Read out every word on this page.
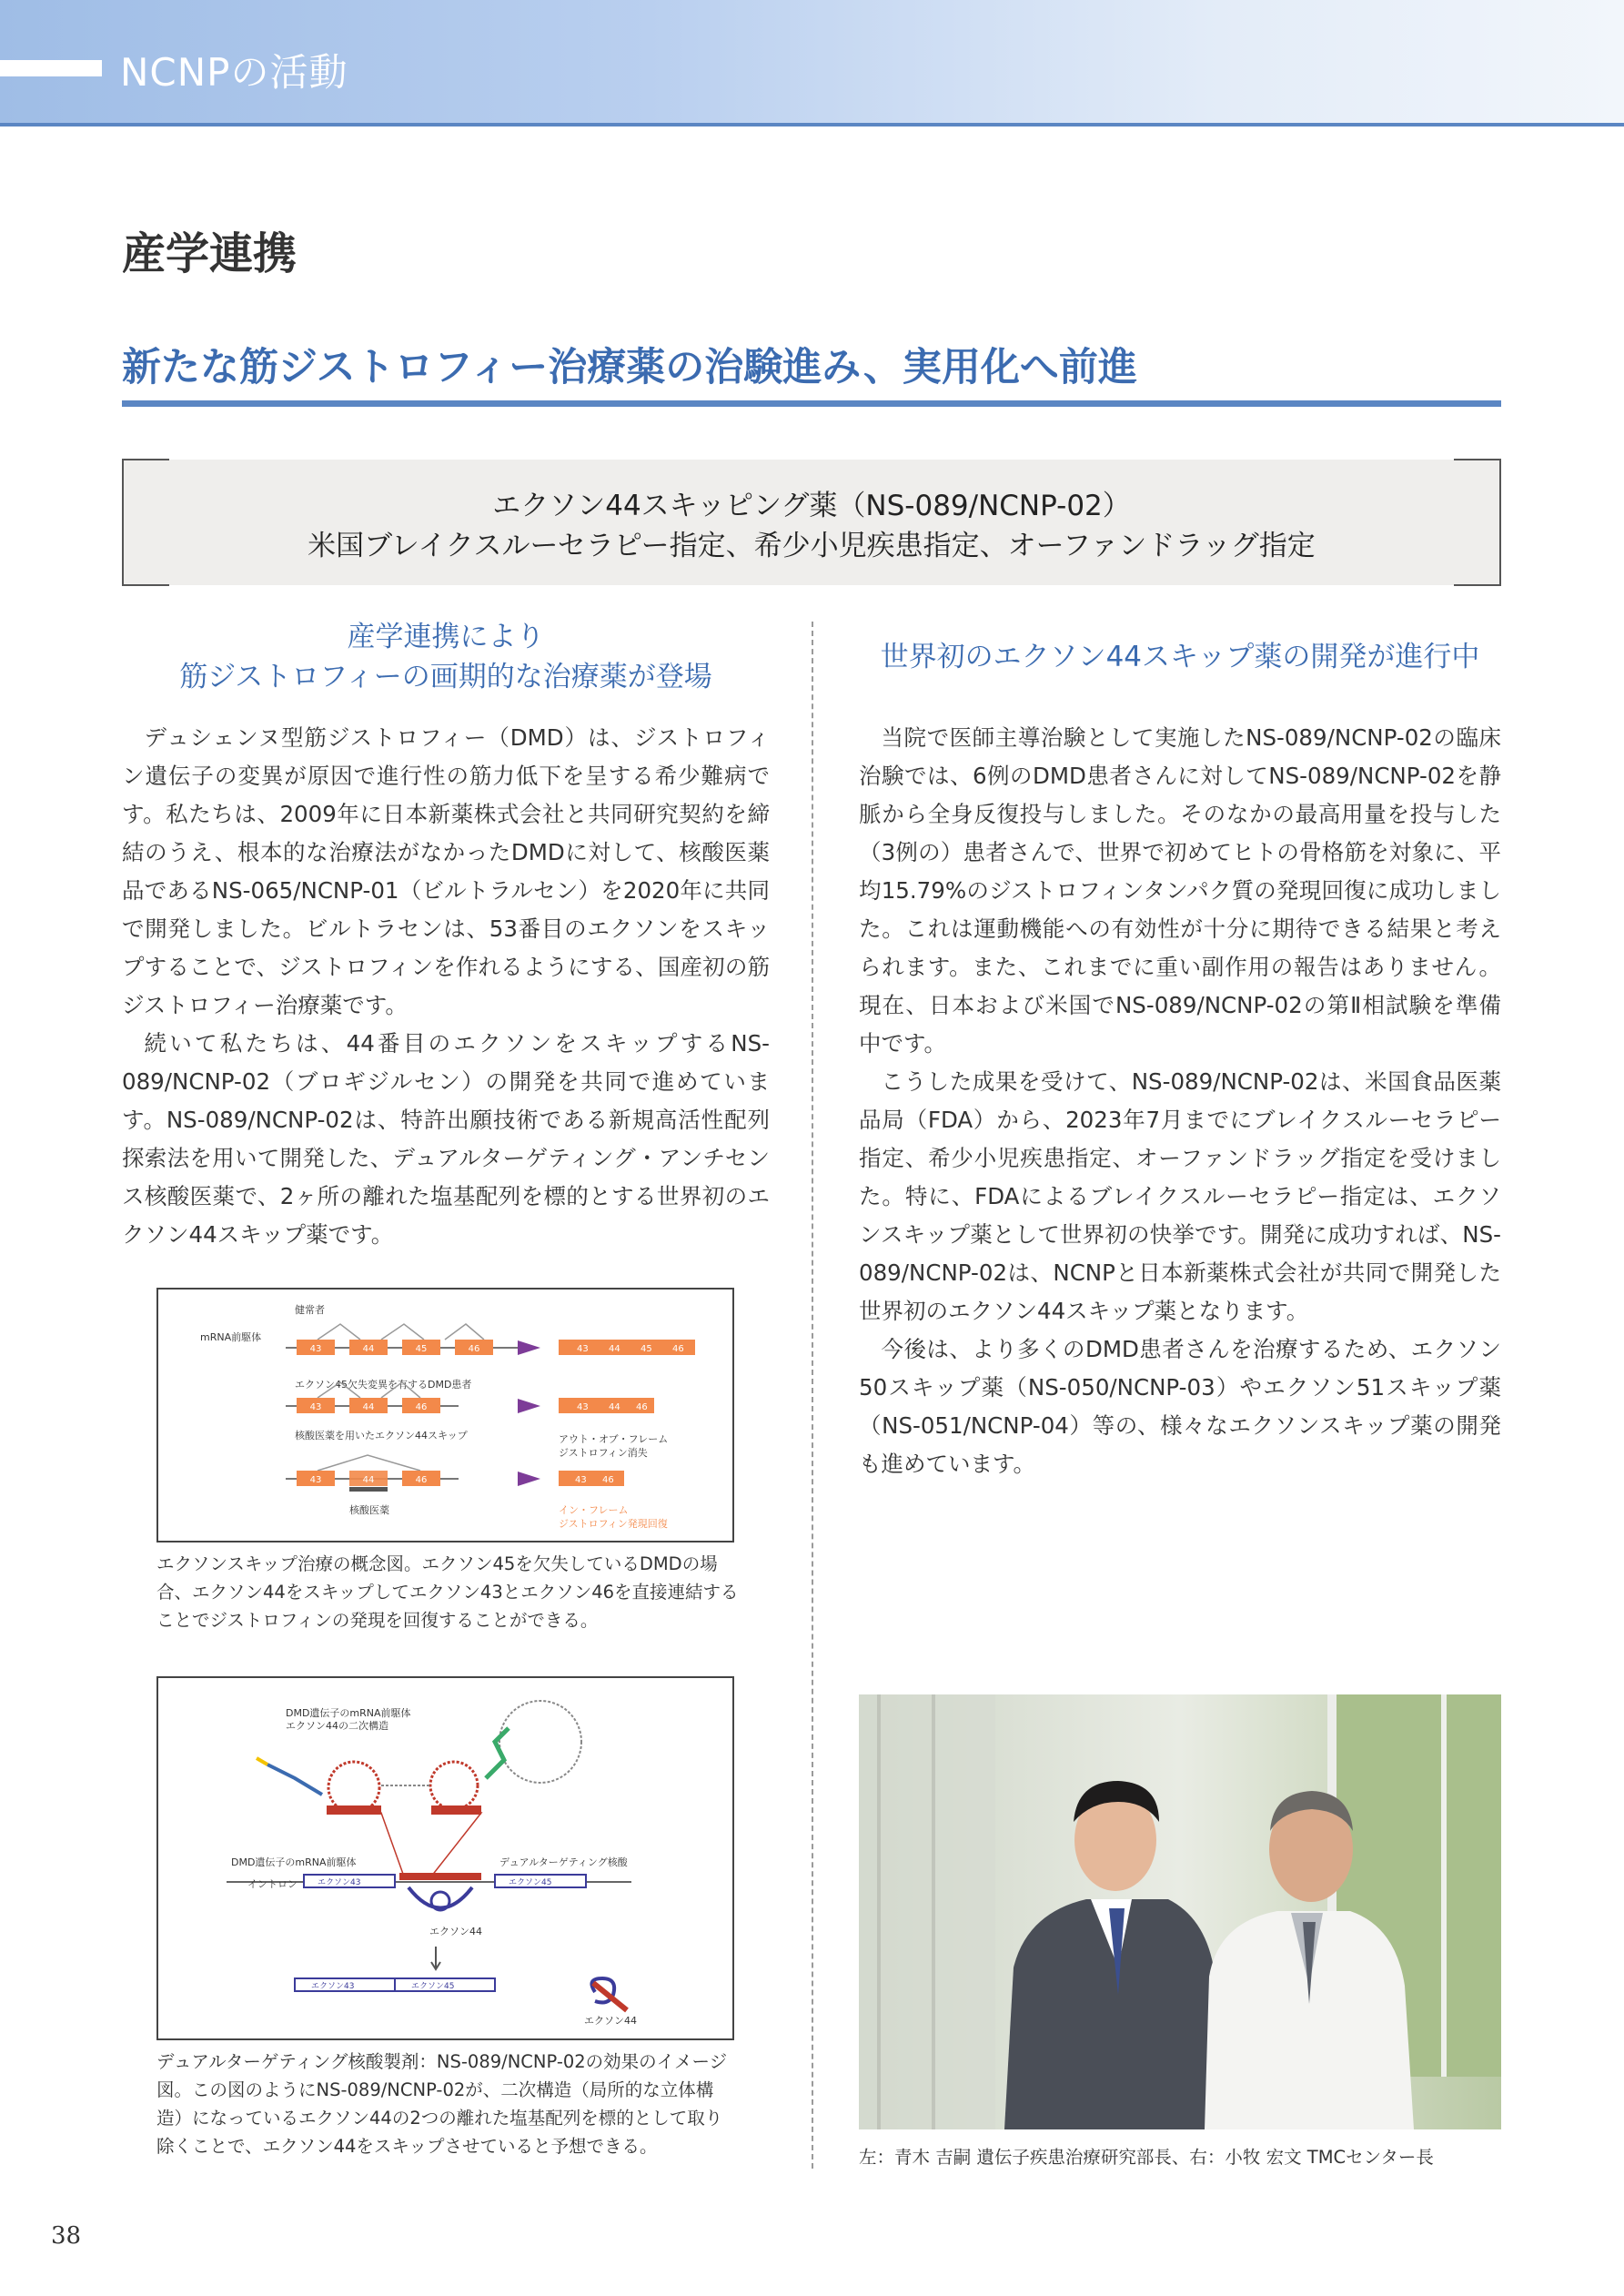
NCNPの活動
産学連携
新たな筋ジストロフィー治療薬の治験進み、実用化へ前進
エクソン44スキッピング薬（NS-089/NCNP-02）
米国ブレイクスルーセラピー指定、希少小児疾患指定、オーファンドラッグ指定
産学連携により
筋ジストロフィーの画期的な治療薬が登場

デュシェンヌ型筋ジストロフィー（DMD）は、ジストロフィン遺伝子の変異が原因で進行性の筋力低下を呈する希少難病です。私たちは、2009年に日本新薬株式会社と共同研究契約を締結のうえ、根本的な治療法がなかったDMDに対して、核酸医薬品であるNS-065/NCNP-01（ビルトラルセン）を2020年に共同で開発しました。ビルトラセンは、53番目のエクソンをスキップすることで、ジストロフィンを作れるようにする、国産初の筋ジストロフィー治療薬です。

続いて私たちは、44番目のエクソンをスキップするNS-089/NCNP-02（ブロギジルセン）の開発を共同で進めています。NS-089/NCNP-02は、特許出願技術である新規高活性配列探索法を用いて開発した、デュアルターゲティング・アンチセンス核酸医薬で、2ヶ所の離れた塩基配列を標的とする世界初のエクソン44スキップ薬です。

健常者
mRNA前駆体
エクソン45欠失変異を有するDMD患者
核酸医薬を用いたエクソン44スキップ	アウト・オブ・フレーム
ジストロフィン消失
核酸医薬	イン・フレーム
ジストロフィン発現回復
43	44	45	46	43 44 45 46
43	44	46	43 44 46
43	44	46	43 46
エクソンスキップ治療の概念図。エクソン45を欠失しているDMDの場合、エクソン44をスキップしてエクソン43とエクソン46を直接連結することでジストロフィンの発現を回復することができる。
DMD遺伝子のmRNA前駆体
エクソン44の二次構造
DMD遺伝子のmRNA前駆体	デュアルターゲティング核酸
イントロン
エクソン44
エクソン44
エクソン43	エクソン45
エクソン43	エクソン45
デュアルターゲティング核酸製剤：NS-089/NCNP-02の効果のイメージ図。この図のようにNS-089/NCNP-02が、二次構造（局所的な立体構造）になっているエクソン44の2つの離れた塩基配列を標的として取り除くことで、エクソン44をスキップさせていると予想できる。
世界初のエクソン44スキップ薬の開発が進行中

当院で医師主導治験として実施したNS-089/NCNP-02の臨床治験では、6例のDMD患者さんに対してNS-089/NCNP-02を静脈から全身反復投与しました。そのなかの最高用量を投与した（3例の）患者さんで、世界で初めてヒトの骨格筋を対象に、平均15.79%のジストロフィンタンパク質の発現回復に成功しました。これは運動機能への有効性が十分に期待できる結果と考えられます。また、これまでに重い副作用の報告はありません。現在、日本および米国でNS-089/NCNP-02の第Ⅱ相試験を準備中です。

こうした成果を受けて、NS-089/NCNP-02は、米国食品医薬品局（FDA）から、2023年7月までにブレイクスルーセラピー指定、希少小児疾患指定、オーファンドラッグ指定を受けました。特に、FDAによるブレイクスルーセラピー指定は、エクソンスキップ薬として世界初の快挙です。開発に成功すれば、NS-089/NCNP-02は、NCNPと日本新薬株式会社が共同で開発した世界初のエクソン44スキップ薬となります。

今後は、より多くのDMD患者さんを治療するため、エクソン50スキップ薬（NS-050/NCNP-03）やエクソン51スキップ薬（NS-051/NCNP-04）等の、様々なエクソンスキップ薬の開発も進めています。

左：青木 吉嗣 遺伝子疾患治療研究部長、右：小牧 宏文 TMCセンター長
38
